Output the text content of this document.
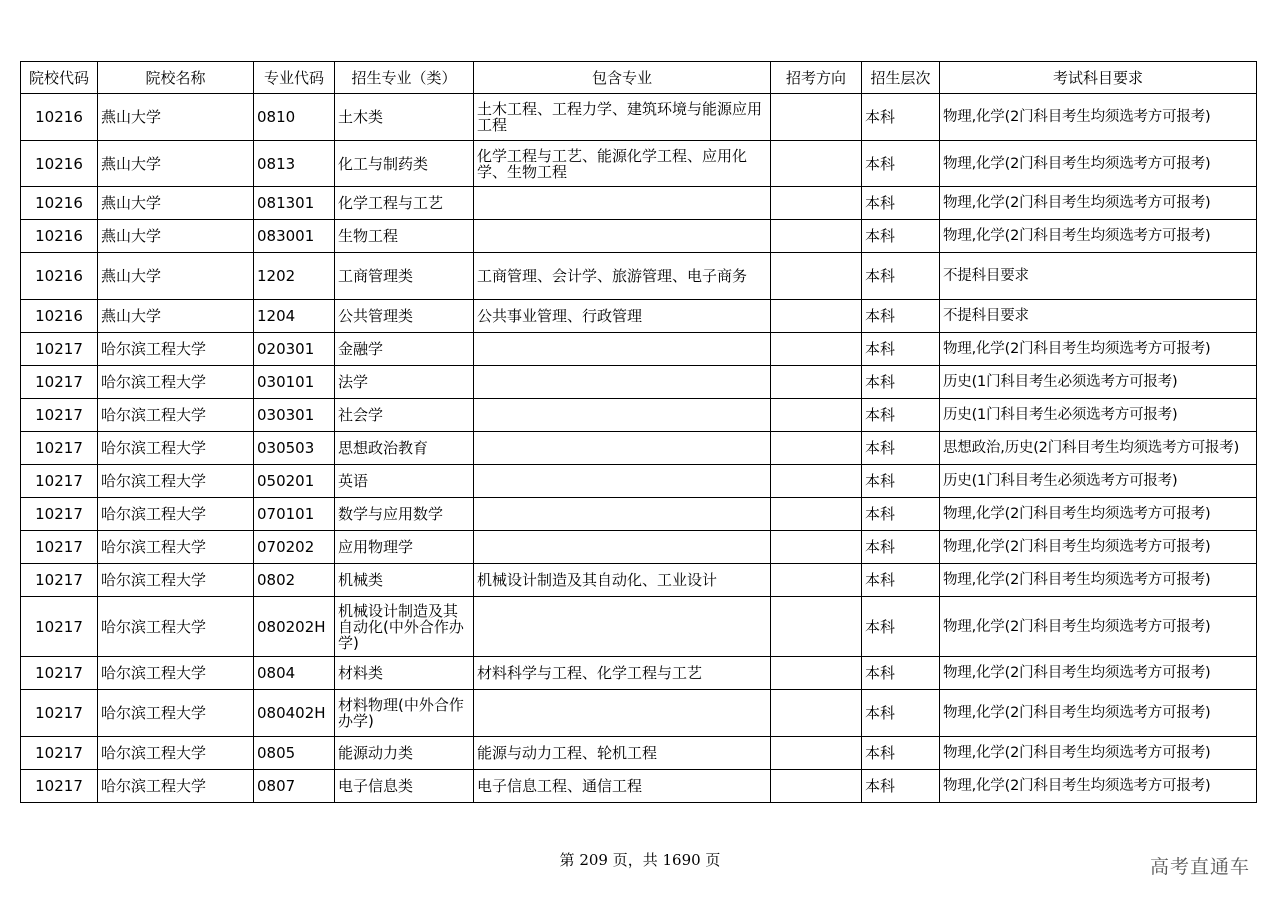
院校代码	院校名称	专业代码	招生专业（类）	包含专业	招考方向	招生层次	考试科目要求
10216	燕山大学	0810	土木类	土木工程、工程力学、建筑环境与能源应用工程		本科	物理,化学(2门科目考生均须选考方可报考)
10216	燕山大学	0813	化工与制药类	化学工程与工艺、能源化学工程、应用化学、生物工程		本科	物理,化学(2门科目考生均须选考方可报考)
10216	燕山大学	081301	化学工程与工艺			本科	物理,化学(2门科目考生均须选考方可报考)
10216	燕山大学	083001	生物工程			本科	物理,化学(2门科目考生均须选考方可报考)
10216	燕山大学	1202	工商管理类	工商管理、会计学、旅游管理、电子商务		本科	不提科目要求
10216	燕山大学	1204	公共管理类	公共事业管理、行政管理		本科	不提科目要求
10217	哈尔滨工程大学	020301	金融学			本科	物理,化学(2门科目考生均须选考方可报考)
10217	哈尔滨工程大学	030101	法学			本科	历史(1门科目考生必须选考方可报考)
10217	哈尔滨工程大学	030301	社会学			本科	历史(1门科目考生必须选考方可报考)
10217	哈尔滨工程大学	030503	思想政治教育			本科	思想政治,历史(2门科目考生均须选考方可报考)
10217	哈尔滨工程大学	050201	英语			本科	历史(1门科目考生必须选考方可报考)
10217	哈尔滨工程大学	070101	数学与应用数学			本科	物理,化学(2门科目考生均须选考方可报考)
10217	哈尔滨工程大学	070202	应用物理学			本科	物理,化学(2门科目考生均须选考方可报考)
10217	哈尔滨工程大学	0802	机械类	机械设计制造及其自动化、工业设计		本科	物理,化学(2门科目考生均须选考方可报考)
10217	哈尔滨工程大学	080202H	机械设计制造及其自动化(中外合作办学)			本科	物理,化学(2门科目考生均须选考方可报考)
10217	哈尔滨工程大学	0804	材料类	材料科学与工程、化学工程与工艺		本科	物理,化学(2门科目考生均须选考方可报考)
10217	哈尔滨工程大学	080402H	材料物理(中外合作办学)			本科	物理,化学(2门科目考生均须选考方可报考)
10217	哈尔滨工程大学	0805	能源动力类	能源与动力工程、轮机工程		本科	物理,化学(2门科目考生均须选考方可报考)
10217	哈尔滨工程大学	0807	电子信息类	电子信息工程、通信工程		本科	物理,化学(2门科目考生均须选考方可报考)
第 209 页，共 1690 页	高考直通车
